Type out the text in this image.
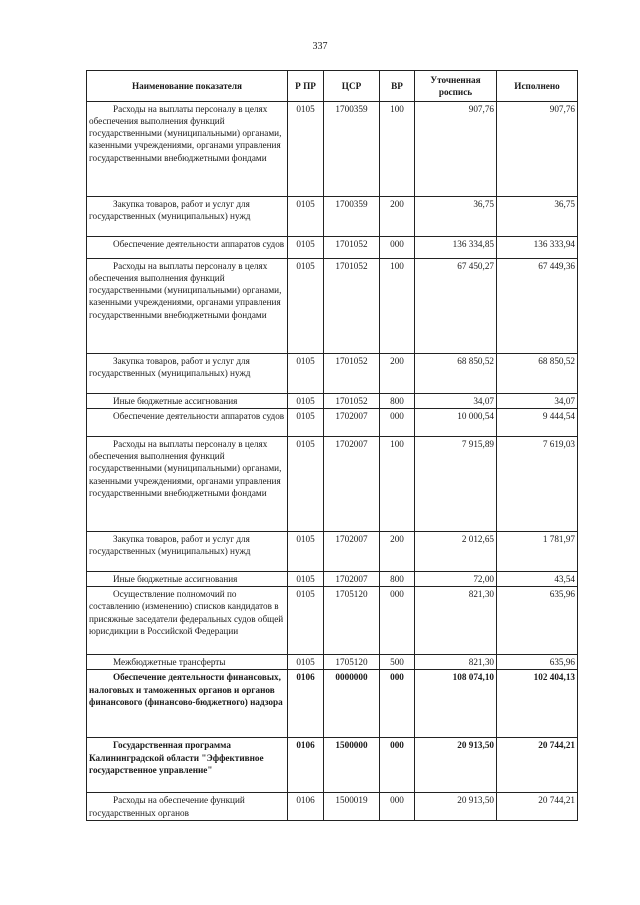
337
Наименование показателя	Р ПР	ЦСР	ВР	Уточненная роспись	Исполнено
Расходы на выплаты персоналу в целях обеспечения выполнения функций государственными (муниципальными) органами, казенными учреждениями, органами управления государственными внебюджетными фондами	0105	1700359	100	907,76	907,76
Закупка товаров, работ и услуг для государственных (муниципальных) нужд	0105	1700359	200	36,75	36,75
Обеспечение деятельности аппаратов судов	0105	1701052	000	136 334,85	136 333,94
Расходы на выплаты персоналу в целях обеспечения выполнения функций государственными (муниципальными) органами, казенными учреждениями, органами управления государственными внебюджетными фондами	0105	1701052	100	67 450,27	67 449,36
Закупка товаров, работ и услуг для государственных (муниципальных) нужд	0105	1701052	200	68 850,52	68 850,52
Иные бюджетные ассигнования	0105	1701052	800	34,07	34,07
Обеспечение деятельности аппаратов судов	0105	1702007	000	10 000,54	9 444,54
Расходы на выплаты персоналу в целях обеспечения выполнения функций государственными (муниципальными) органами, казенными учреждениями, органами управления государственными внебюджетными фондами	0105	1702007	100	7 915,89	7 619,03
Закупка товаров, работ и услуг для государственных (муниципальных) нужд	0105	1702007	200	2 012,65	1 781,97
Иные бюджетные ассигнования	0105	1702007	800	72,00	43,54
Осуществление полномочий по составлению (изменению) списков кандидатов в присяжные заседатели федеральных судов общей юрисдикции в Российской Федерации	0105	1705120	000	821,30	635,96
Межбюджетные трансферты	0105	1705120	500	821,30	635,96
Обеспечение деятельности финансовых, налоговых и таможенных органов и органов финансового (финансово-бюджетного) надзора	0106	0000000	000	108 074,10	102 404,13
Государственная программа Калининградской области "Эффективное государственное управление"	0106	1500000	000	20 913,50	20 744,21
Расходы на обеспечение функций государственных органов	0106	1500019	000	20 913,50	20 744,21
